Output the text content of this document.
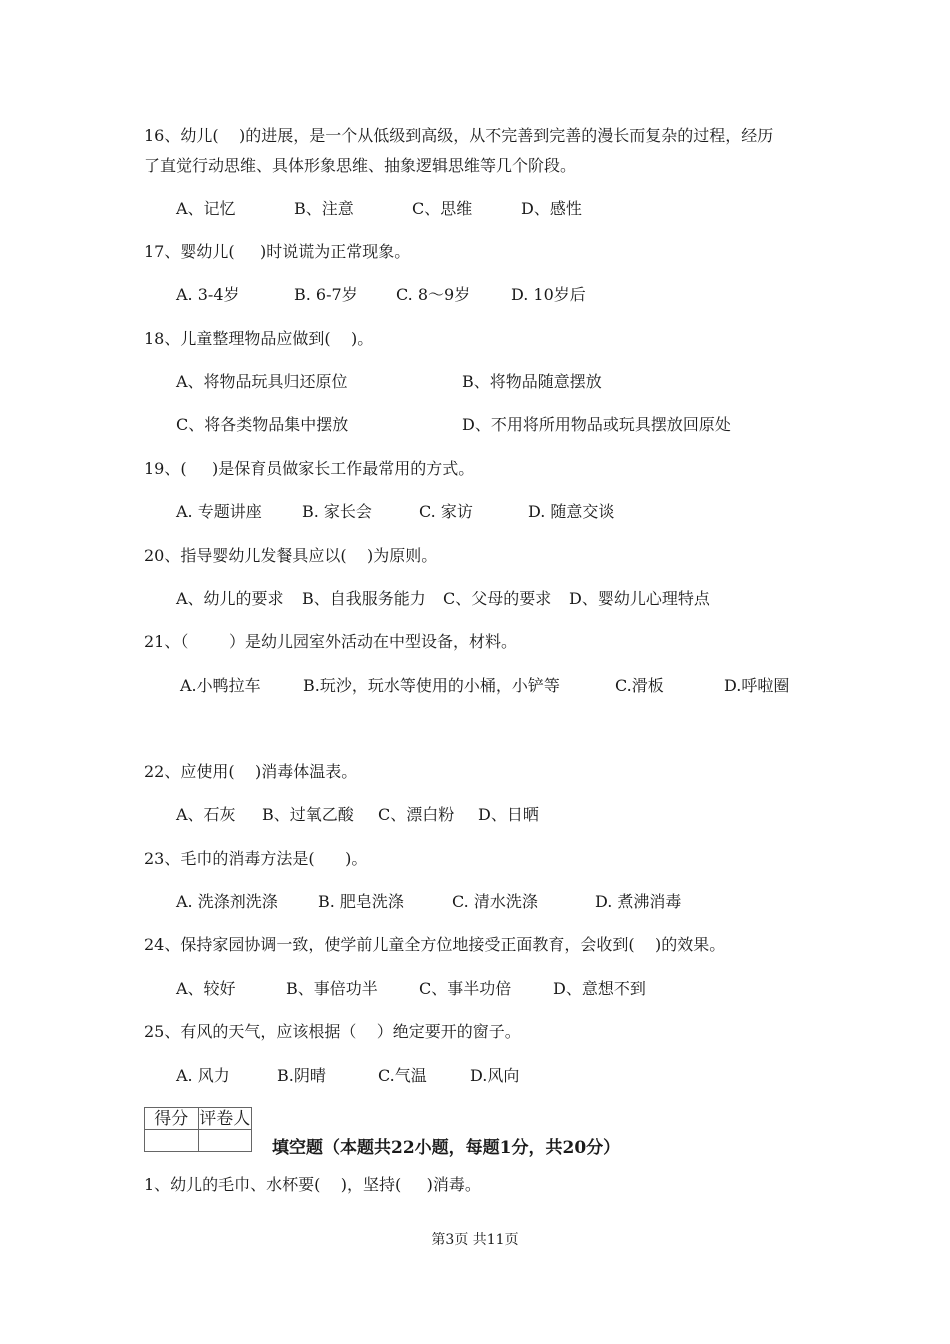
16、幼儿(    )的进展，是一个从低级到高级，从不完善到完善的漫长而复杂的过程，经历
了直觉行动思维、具体形象思维、抽象逻辑思维等几个阶段。
A、记忆	B、注意	C、思维	D、感性
17、婴幼儿(     )时说谎为正常现象。
A. 3-4岁	B. 6-7岁 C. 8～9岁	D. 10岁后
18、儿童整理物品应做到(    )。
A、将物品玩具归还原位	B、将物品随意摆放
C、将各类物品集中摆放	D、不用将所用物品或玩具摆放回原处
19、(     )是保育员做家长工作最常用的方式。
A. 专题讲座	B. 家长会	C. 家访	D. 随意交谈
20、指导婴幼儿发餐具应以(    )为原则。
A、幼儿的要求 B、自我服务能力 C、父母的要求 D、婴幼儿心理特点
21、（        ）是幼儿园室外活动在中型设备，材料。
A.小鸭拉车	B.玩沙，玩水等使用的小桶，小铲等	C.滑板	D.呼啦圈
22、应使用(    )消毒体温表。
A、石灰 B、过氧乙酸 C、漂白粉 D、日晒
23、毛巾的消毒方法是(      )。
A. 洗涤剂洗涤	B. 肥皂洗涤	C. 清水洗涤	D. 煮沸消毒
24、保持家园协调一致，使学前儿童全方位地接受正面教育，会收到(    )的效果。
A、较好	B、事倍功半	C、事半功倍	D、意想不到
25、有风的天气，应该根据（    ）绝定要开的窗子。
A. 风力	B.阴晴	C.气温	D.风向
得分	评卷人

填空题（本题共22小题，每题1分，共20分）
1、幼儿的毛巾、水杯要(    )，坚持(     )消毒。
第3页 共11页
